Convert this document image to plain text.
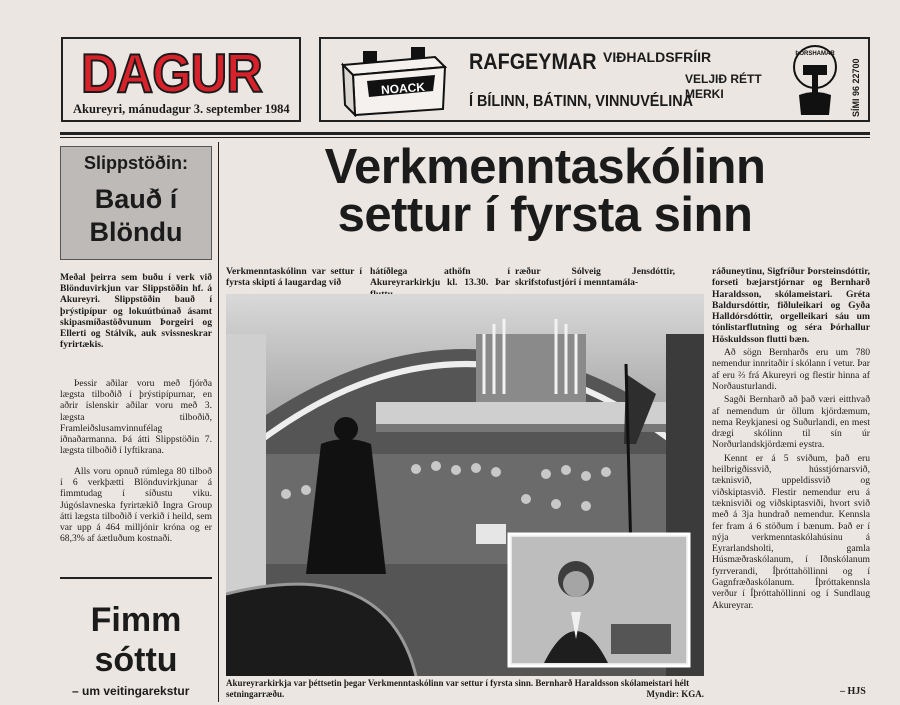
DAGUR
Akureyri, mánudagur 3. september 1984
NOACK
RAFGEYMAR VIÐHALDSFRÍIR
Í BÍLINN, BÁTINN, VINNUVÉLINA
VELJIÐ RÉTT MERKI
ÞÓRSHAMAR
SÍMI 96 22700
Slippstöðin:
Bauð í
Blöndu
Meðal þeirra sem buðu í verk við Blönduvirkjun var Slippstöðin hf. á Akureyri. Slippstöðin bauð í þrýstipípur og lokuútbúnað ásamt skipasmíðastöðvunum Þorgeiri og Ellerti og Stálvík, auk svissneskrar fyrirtækis.
Þessir aðilar voru með fjórða lægsta tilboðið í þrýstipípurnar, en aðrir íslenskir aðilar voru með 3. lægsta tilboðið, Framleiðslusamvinnufélag iðnaðarmanna. Þá átti Slippstöðin 7. lægsta tilboðið í lyftikrana.
Alls voru opnuð rúmlega 80 tilboð í 6 verkþætti Blönduvirkjunar á fimmtudag í síðustu viku. Júgóslavneska fyrirtækið Ingra Group átti lægsta tilboðið í verkið í heild, sem var upp á 464 milljónir króna og er 68,3% af áætluðum kostnaði.
Fimm
sóttu
– um veitingarekstur
Verkmenntaskólinn
settur í fyrsta sinn
Verkmenntaskólinn var settur í fyrsta skipti á laugardag við
hátíðlega athöfn í Akureyrarkirkju kl. 13.30. Þar
ræður Sólveig Jensdóttir, skrifstofustjóri í menntamála-

ráðuneytinu, Sigfríður Þorsteinsdóttir, forseti bæjarstjórnar og Bernharð Haraldsson, skólameistari. Gréta Baldursdóttir, fiðluleikari og Gyða Halldórsdóttir, orgelleikari sáu um tónlistarflutning og séra Þórhallur Höskuldsson flutti bæn.

Að sögn Bernharðs eru um 780 nemendur innritaðir í skólann í vetur. Þar af eru ⅔ frá Akureyri og flestir hinna af Norðausturlandi.

Sagði Bernharð að það væri eitthvað af nemendum úr öllum kjördæmum, nema Reykjanesi og Suðurlandi, en mest drægi skólinn til sín úr Norðurlandskjördæmi eystra.

Kennt er á 5 sviðum, það eru heilbrigðissvið, hússtjórnarsvið, tæknisvið, uppeldissvið og viðskiptasvið. Flestir nemendur eru á tæknisviði og viðskiptasviði, hvort svið með á 3ja hundrað nemendur. Kennsla fer fram á 6 stöðum í bænum. Það er í nýja verkmenntaskólahúsinu á Eyrarlandsholti, gamla Húsmæðraskólanum, í Iðnskólanum fyrrverandi, Íþróttahöllinni og í Gagnfræðaskólanum. Íþróttakennsla verður í Íþróttahöllinni og í Sundlaug Akureyrar.

– HJS
Akureyrarkirkja var þéttsetin þegar Verkmenntaskólinn var settur í fyrsta sinn. Bernharð Haraldsson skólameistari hélt setningarræðu.	Myndir: KGA.
